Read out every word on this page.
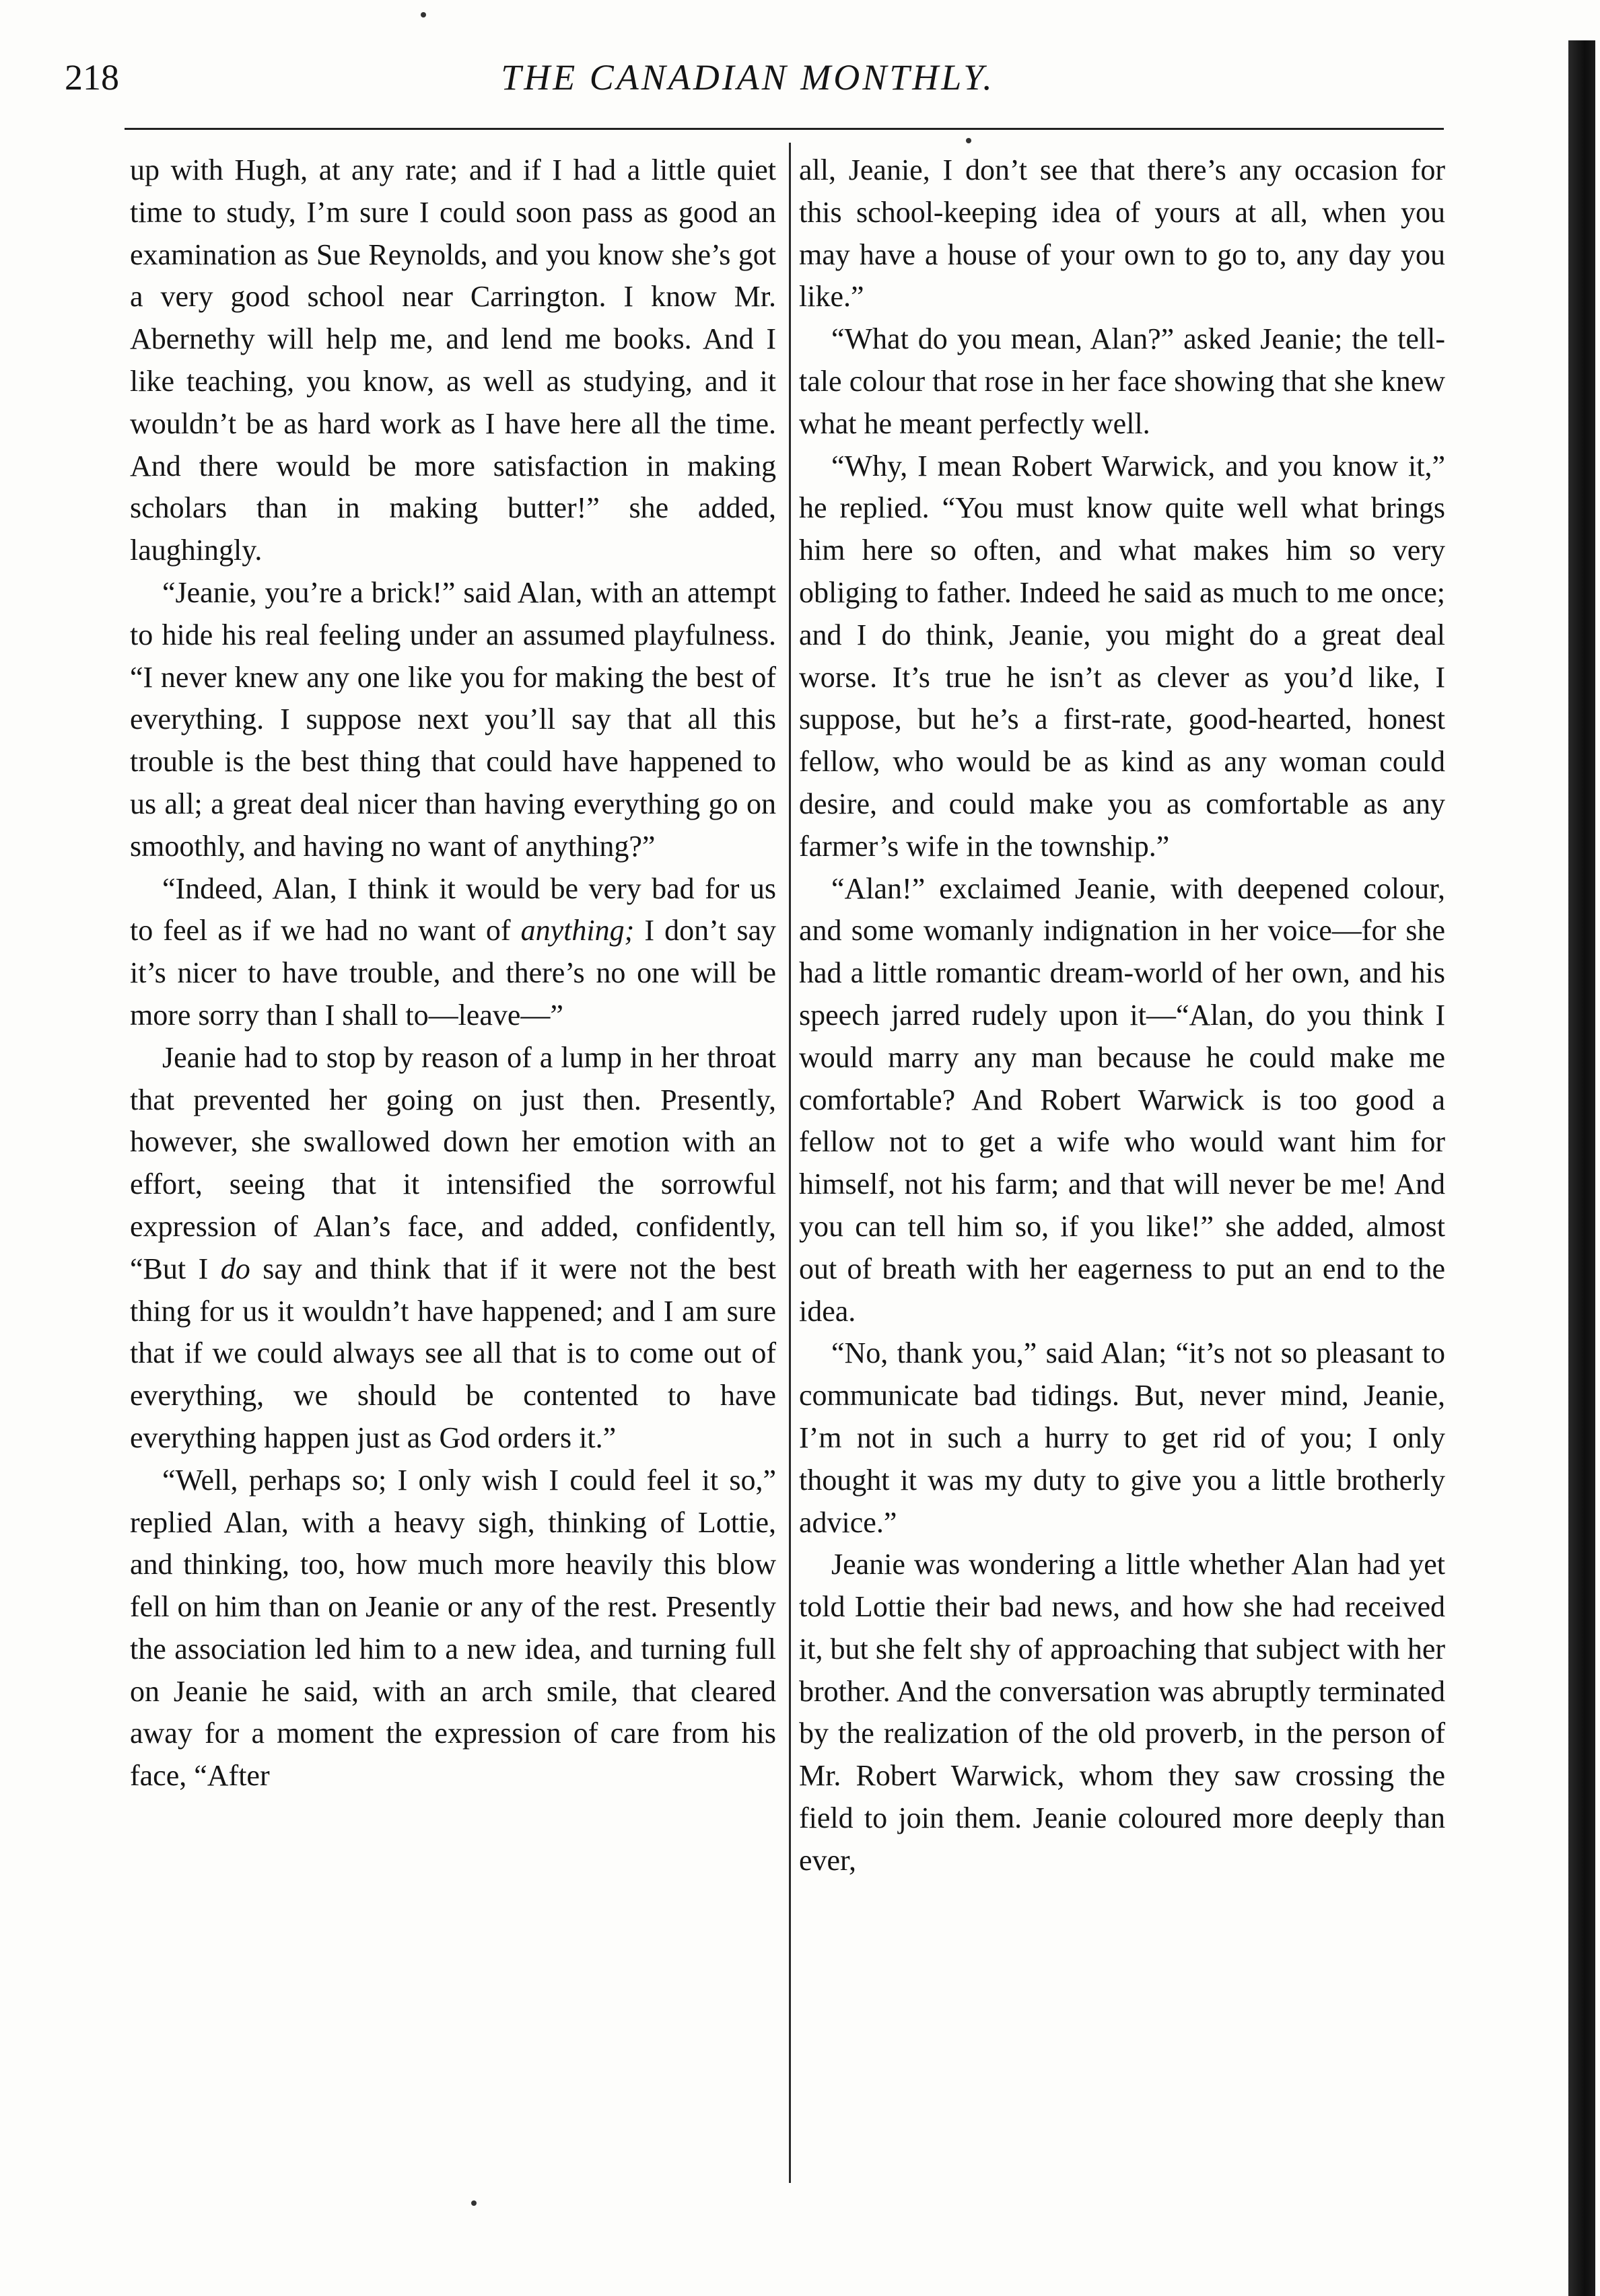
218	THE CANADIAN MONTHLY.

up with Hugh, at any rate; and if I had a little quiet time to study, I’m sure I could soon pass as good an examination as Sue Reynolds, and you know she’s got a very good school near Carrington. I know Mr. Abernethy will help me, and lend me books. And I like teaching, you know, as well as studying, and it wouldn’t be as hard work as I have here all the time. And there would be more satisfaction in making scholars than in making butter!” she added, laughingly.

“Jeanie, you’re a brick!” said Alan, with an attempt to hide his real feeling under an assumed playfulness. “I never knew any one like you for making the best of everything. I suppose next you’ll say that all this trouble is the best thing that could have happened to us all; a great deal nicer than having everything go on smoothly, and having no want of anything?”

“Indeed, Alan, I think it would be very bad for us to feel as if we had no want of anything; I don’t say it’s nicer to have trouble, and there’s no one will be more sorry than I shall to—leave—”

Jeanie had to stop by reason of a lump in her throat that prevented her going on just then. Presently, however, she swallowed down her emotion with an effort, seeing that it intensified the sorrowful expression of Alan’s face, and added, confidently, “But I do say and think that if it were not the best thing for us it wouldn’t have happened; and I am sure that if we could always see all that is to come out of everything, we should be contented to have everything happen just as God orders it.”

“Well, perhaps so; I only wish I could feel it so,” replied Alan, with a heavy sigh, thinking of Lottie, and thinking, too, how much more heavily this blow fell on him than on Jeanie or any of the rest. Presently the association led him to a new idea, and turning full on Jeanie he said, with an arch smile, that cleared away for a moment the expression of care from his face, “After

all, Jeanie, I don’t see that there’s any occasion for this school-keeping idea of yours at all, when you may have a house of your own to go to, any day you like.”

“What do you mean, Alan?” asked Jeanie; the tell-tale colour that rose in her face showing that she knew what he meant perfectly well.

“Why, I mean Robert Warwick, and you know it,” he replied. “You must know quite well what brings him here so often, and what makes him so very obliging to father. Indeed he said as much to me once; and I do think, Jeanie, you might do a great deal worse. It’s true he isn’t as clever as you’d like, I suppose, but he’s a first-rate, good-hearted, honest fellow, who would be as kind as any woman could desire, and could make you as comfortable as any farmer’s wife in the township.”

“Alan!” exclaimed Jeanie, with deepened colour, and some womanly indignation in her voice—for she had a little romantic dream-world of her own, and his speech jarred rudely upon it—“Alan, do you think I would marry any man because he could make me comfortable? And Robert Warwick is too good a fellow not to get a wife who would want him for himself, not his farm; and that will never be me! And you can tell him so, if you like!” she added, almost out of breath with her eagerness to put an end to the idea.

“No, thank you,” said Alan; “it’s not so pleasant to communicate bad tidings. But, never mind, Jeanie, I’m not in such a hurry to get rid of you; I only thought it was my duty to give you a little brotherly advice.”

Jeanie was wondering a little whether Alan had yet told Lottie their bad news, and how she had received it, but she felt shy of approaching that subject with her brother. And the conversation was abruptly terminated by the realization of the old proverb, in the person of Mr. Robert Warwick, whom they saw crossing the field to join them. Jeanie coloured more deeply than ever,
